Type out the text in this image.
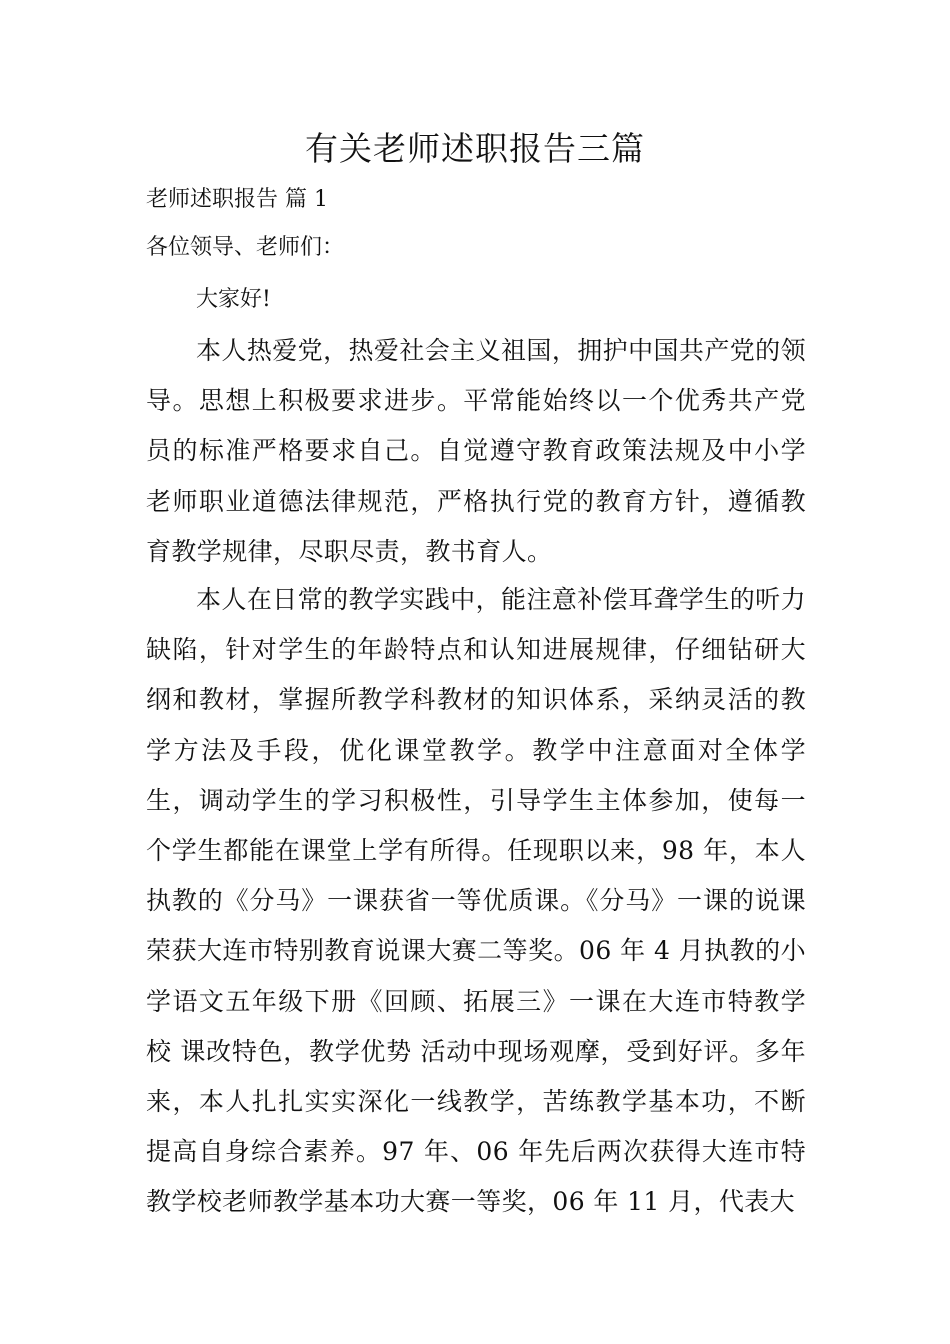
有关老师述职报告三篇
老师述职报告 篇 1
各位领导、老师们：
大家好!
本人热爱党，热爱社会主义祖国，拥护中国共产党的领导。思想上积极要求进步。平常能始终以一个优秀共产党员的标准严格要求自己。自觉遵守教育政策法规及中小学老师职业道德法律规范，严格执行党的教育方针，遵循教育教学规律，尽职尽责，教书育人。
本人在日常的教学实践中，能注意补偿耳聋学生的听力缺陷，针对学生的年龄特点和认知进展规律，仔细钻研大纲和教材，掌握所教学科教材的知识体系，采纳灵活的教学方法及手段，优化课堂教学。教学中注意面对全体学生，调动学生的学习积极性，引导学生主体参加，使每一个学生都能在课堂上学有所得。任现职以来，98 年，本人执教的《分马》一课获省一等优质课。《分马》一课的说课荣获大连市特别教育说课大赛二等奖。06 年 4 月执教的小学语文五年级下册《回顾、拓展三》一课在大连市特教学校 课改特色，教学优势 活动中现场观摩，受到好评。多年来，本人扎扎实实深化一线教学，苦练教学基本功，不断提高自身综合素养。97 年、06 年先后两次获得大连市特教学校老师教学基本功大赛一等奖，06 年 11 月，代表大
